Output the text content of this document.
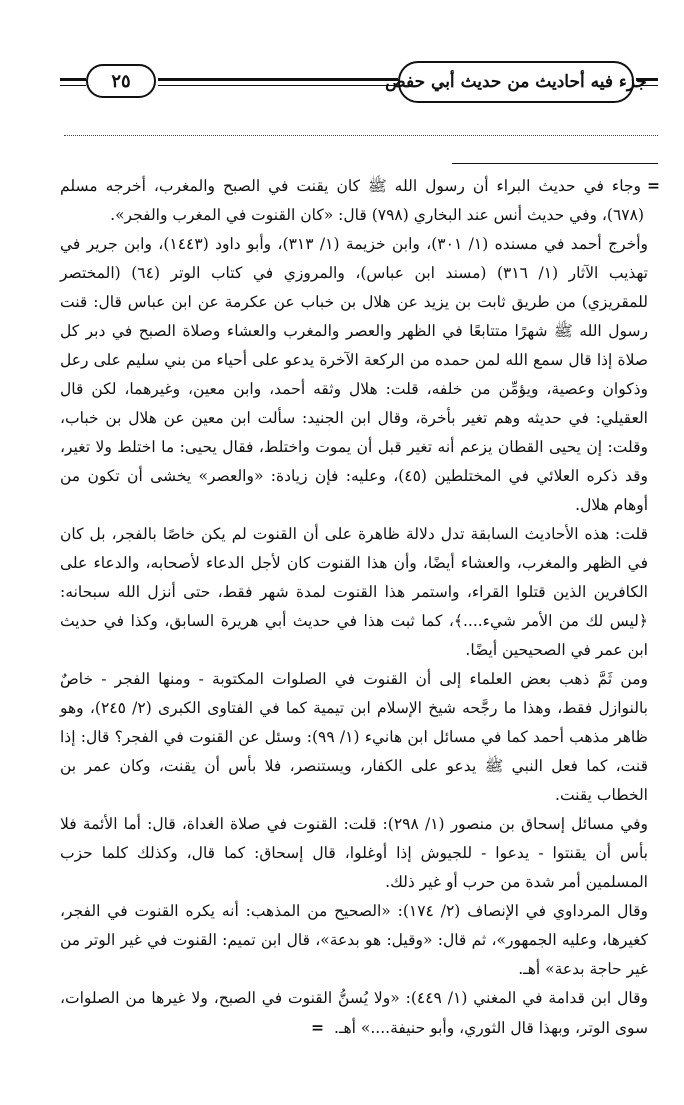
جزء فيه أحاديث من حديث أبي حفص
٢٥

=وجاء في حديث البراء أن رسول الله ﷺ كان يقنت في الصبح والمغرب، أخرجه مسلم (٦٧٨)، وفي حديث أنس عند البخاري (٧٩٨) قال: «كان القنوت في المغرب والفجر».

وأخرج أحمد في مسنده (١/ ٣٠١)، وابن خزيمة (١/ ٣١٣)، وأبو داود (١٤٤٣)، وابن جرير في تهذيب الآثار (١/ ٣١٦) (مسند ابن عباس)، والمروزي في كتاب الوتر (٦٤) (المختصر للمقريزي) من طريق ثابت بن يزيد عن هلال بن خباب عن عكرمة عن ابن عباس قال: قنت رسول الله ﷺ شهرًا متتابعًا في الظهر والعصر والمغرب والعشاء وصلاة الصبح في دبر كل صلاة إذا قال سمع الله لمن حمده من الركعة الآخرة يدعو على أحياء من بني سليم على رعل وذكوان وعصية، ويؤمِّن من خلفه، قلت: هلال وثقه أحمد، وابن معين، وغيرهما، لكن قال العقيلي: في حديثه وهم تغير بأخرة، وقال ابن الجنيد: سألت ابن معين عن هلال بن خباب، وقلت: إن يحيى القطان يزعم أنه تغير قبل أن يموت واختلط، فقال يحيى: ما اختلط ولا تغير، وقد ذكره العلائي في المختلطين (٤٥)، وعليه: فإن زيادة: «والعصر» يخشى أن تكون من أوهام هلال.

قلت: هذه الأحاديث السابقة تدل دلالة ظاهرة على أن القنوت لم يكن خاصًا بالفجر، بل كان في الظهر والمغرب، والعشاء أيضًا، وأن هذا القنوت كان لأجل الدعاء لأصحابه، والدعاء على الكافرين الذين قتلوا القراء، واستمر هذا القنوت لمدة شهر فقط، حتى أنزل الله سبحانه: ﴿ليس لك من الأمر شيء....﴾، كما ثبت هذا في حديث أبي هريرة السابق، وكذا في حديث ابن عمر في الصحيحين أيضًا.

ومن ثَمَّ ذهب بعض العلماء إلى أن القنوت في الصلوات المكتوبة - ومنها الفجر - خاصٌ بالنوازل فقط، وهذا ما رجَّحه شيخ الإسلام ابن تيمية كما في الفتاوى الكبرى (٢/ ٢٤٥)، وهو ظاهر مذهب أحمد كما في مسائل ابن هانيء (١/ ٩٩): وسئل عن القنوت في الفجر؟ قال: إذا قنت، كما فعل النبي ﷺ يدعو على الكفار، ويستنصر، فلا بأس أن يقنت، وكان عمر بن الخطاب يقنت.

وفي مسائل إسحاق بن منصور (١/ ٢٩٨): قلت: القنوت في صلاة الغداة، قال: أما الأئمة فلا بأس أن يقنتوا - يدعوا - للجيوش إذا أوغلوا، قال إسحاق: كما قال، وكذلك كلما حزب المسلمين أمر شدة من حرب أو غير ذلك.

وقال المرداوي في الإنصاف (٢/ ١٧٤): «الصحيح من المذهب: أنه يكره القنوت في الفجر، كغيرها، وعليه الجمهور»، ثم قال: «وقيل: هو بدعة»، قال ابن تميم: القنوت في غير الوتر من غير حاجة بدعة» أهـ.

وقال ابن قدامة في المغني (١/ ٤٤٩): «ولا يُسنُّ القنوت في الصبح، ولا غيرها من الصلوات، سوى الوتر، وبهذا قال الثوري، وأبو حنيفة....» أهـ.=
